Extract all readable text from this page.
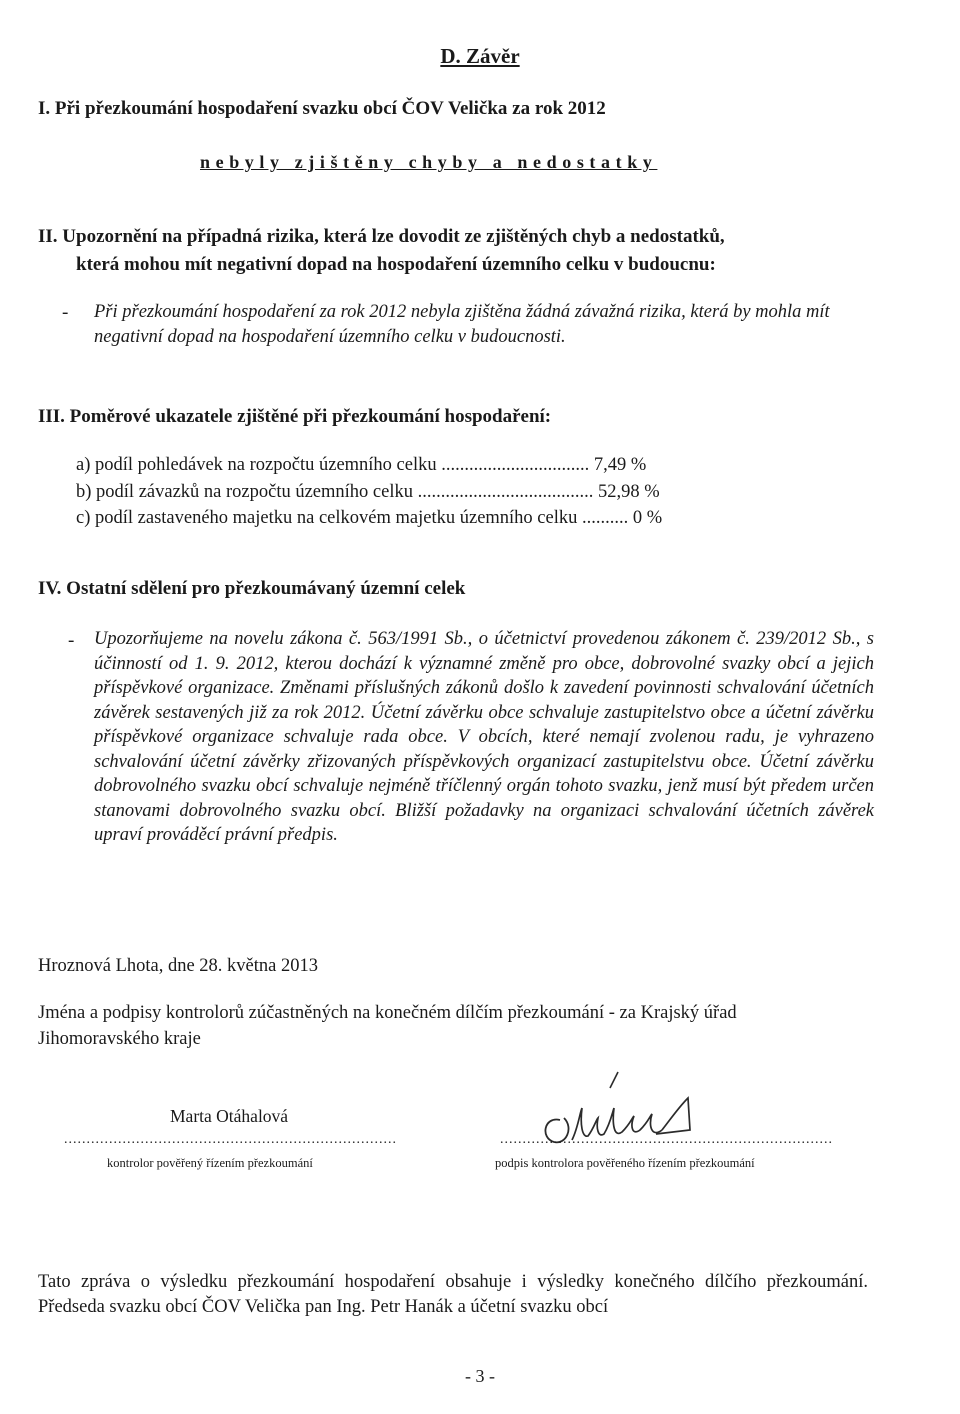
D. Závěr
I. Při přezkoumání hospodaření svazku obcí ČOV Velička za rok 2012
nebyly zjištěny chyby a nedostatky
II. Upozornění na případná rizika, která lze dovodit ze zjištěných chyb a nedostatků,
která mohou mít negativní dopad na hospodaření územního celku v budoucnu:
- Při přezkoumání hospodaření za rok 2012 nebyla zjištěna žádná závažná rizika, která by mohla mít negativní dopad na hospodaření územního celku v budoucnosti.
III. Poměrové ukazatele zjištěné při přezkoumání hospodaření:
a) podíl pohledávek na rozpočtu územního celku ................................ 7,49 %
b) podíl závazků na rozpočtu územního celku ...................................... 52,98 %
c) podíl zastaveného majetku na celkovém majetku územního celku .......... 0 %
IV. Ostatní sdělení pro přezkoumávaný územní celek
- Upozorňujeme na novelu zákona č. 563/1991 Sb., o účetnictví provedenou zákonem č. 239/2012 Sb., s účinností od 1. 9. 2012, kterou dochází k významné změně pro obce, dobrovolné svazky obcí a jejich příspěvkové organizace. Změnami příslušných zákonů došlo k zavedení povinnosti schvalování účetních závěrek sestavených již za rok 2012. Účetní závěrku obce schvaluje zastupitelstvo obce a účetní závěrku příspěvkové organizace schvaluje rada obce. V obcích, které nemají zvolenou radu, je vyhrazeno schvalování účetní závěrky zřizovaných příspěvkových organizací zastupitelstvu obce. Účetní závěrku dobrovolného svazku obcí schvaluje nejméně tříčlenný orgán tohoto svazku, jenž musí být předem určen stanovami dobrovolného svazku obcí. Bližší požadavky na organizaci schvalování účetních závěrek upraví prováděcí právní předpis.
Hroznová Lhota, dne 28. května 2013
Jména a podpisy kontrolorů zúčastněných na konečném dílčím přezkoumání - za Krajský úřad
Jihomoravského kraje
Marta Otáhalová
..........................................................................	..........................................................................
kontrolor pověřený řízením přezkoumání	podpis kontrolora pověřeného řízením přezkoumání
Tato zpráva o výsledku přezkoumání hospodaření obsahuje i výsledky konečného dílčího přezkoumání. Předseda svazku obcí ČOV Velička pan Ing. Petr Hanák a účetní svazku obcí
- 3 -
